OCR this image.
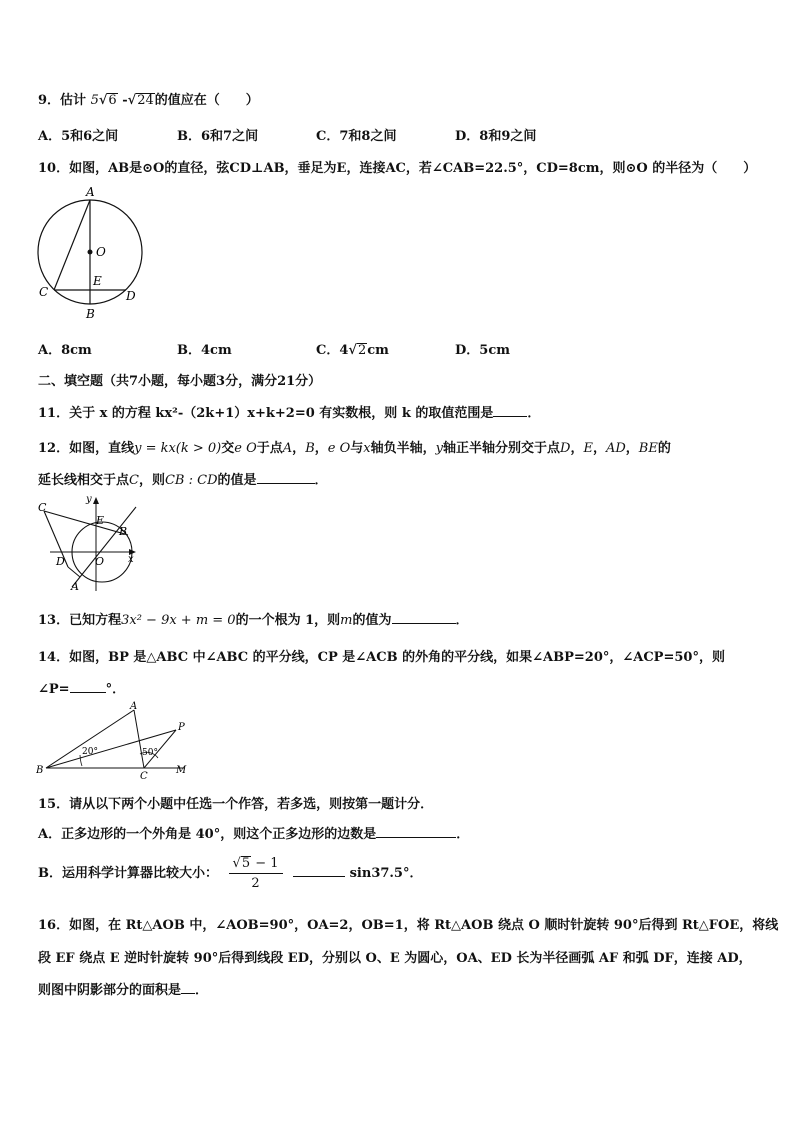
9．估计 5√6 -√24的值应在（　　）
A．5和6之间	B．6和7之间	C．7和8之间	D．8和9之间
10．如图，AB是⊙O的直径，弦CD⊥AB，垂足为E，连接AC，若∠CAB=22.5°，CD=8cm，则⊙O 的半径为（　　）
A
O
E
C	D
B
A．8cm	B．4cm	C．4√2cm	D．5cm
二、填空题（共7小题，每小题3分，满分21分）
11．关于 x 的方程 kx²-（2k+1）x+k+2=0 有实数根，则 k 的取值范围是	．
12．如图，直线y = kx(k > 0)交e O于点A，B，e O与x轴负半轴，y轴正半轴分别交于点D，E，AD，BE的
延长线相交于点C，则CB : CD的值是	．
C
y
E
B
D	O x
A
13．已知方程3x² − 9x + m = 0的一个根为 1，则m的值为	．
14．如图，BP 是△ABC 中∠ABC 的平分线，CP 是∠ACB 的外角的平分线，如果∠ABP=20°，∠ACP=50°，则
∠P=	°．
A
P
B
C
M
20°	50°
15．请从以下两个小题中任选一个作答，若多选，则按第一题计分．
A．正多边形的一个外角是 40°，则这个正多边形的边数是	．
B．运用科学计算器比较大小： $\frac{√5 - 1}{2}$	sin37.5°．
16．如图，在 Rt△AOB 中，∠AOB=90°，OA=2，OB=1，将 Rt△AOB 绕点 O 顺时针旋转 90°后得到 Rt△FOE，将线
段 EF 绕点 E 逆时针旋转 90°后得到线段 ED，分别以 O、E 为圆心，OA、ED 长为半径画弧 AF 和弧 DF，连接 AD，
则图中阴影部分的面积是 ．
